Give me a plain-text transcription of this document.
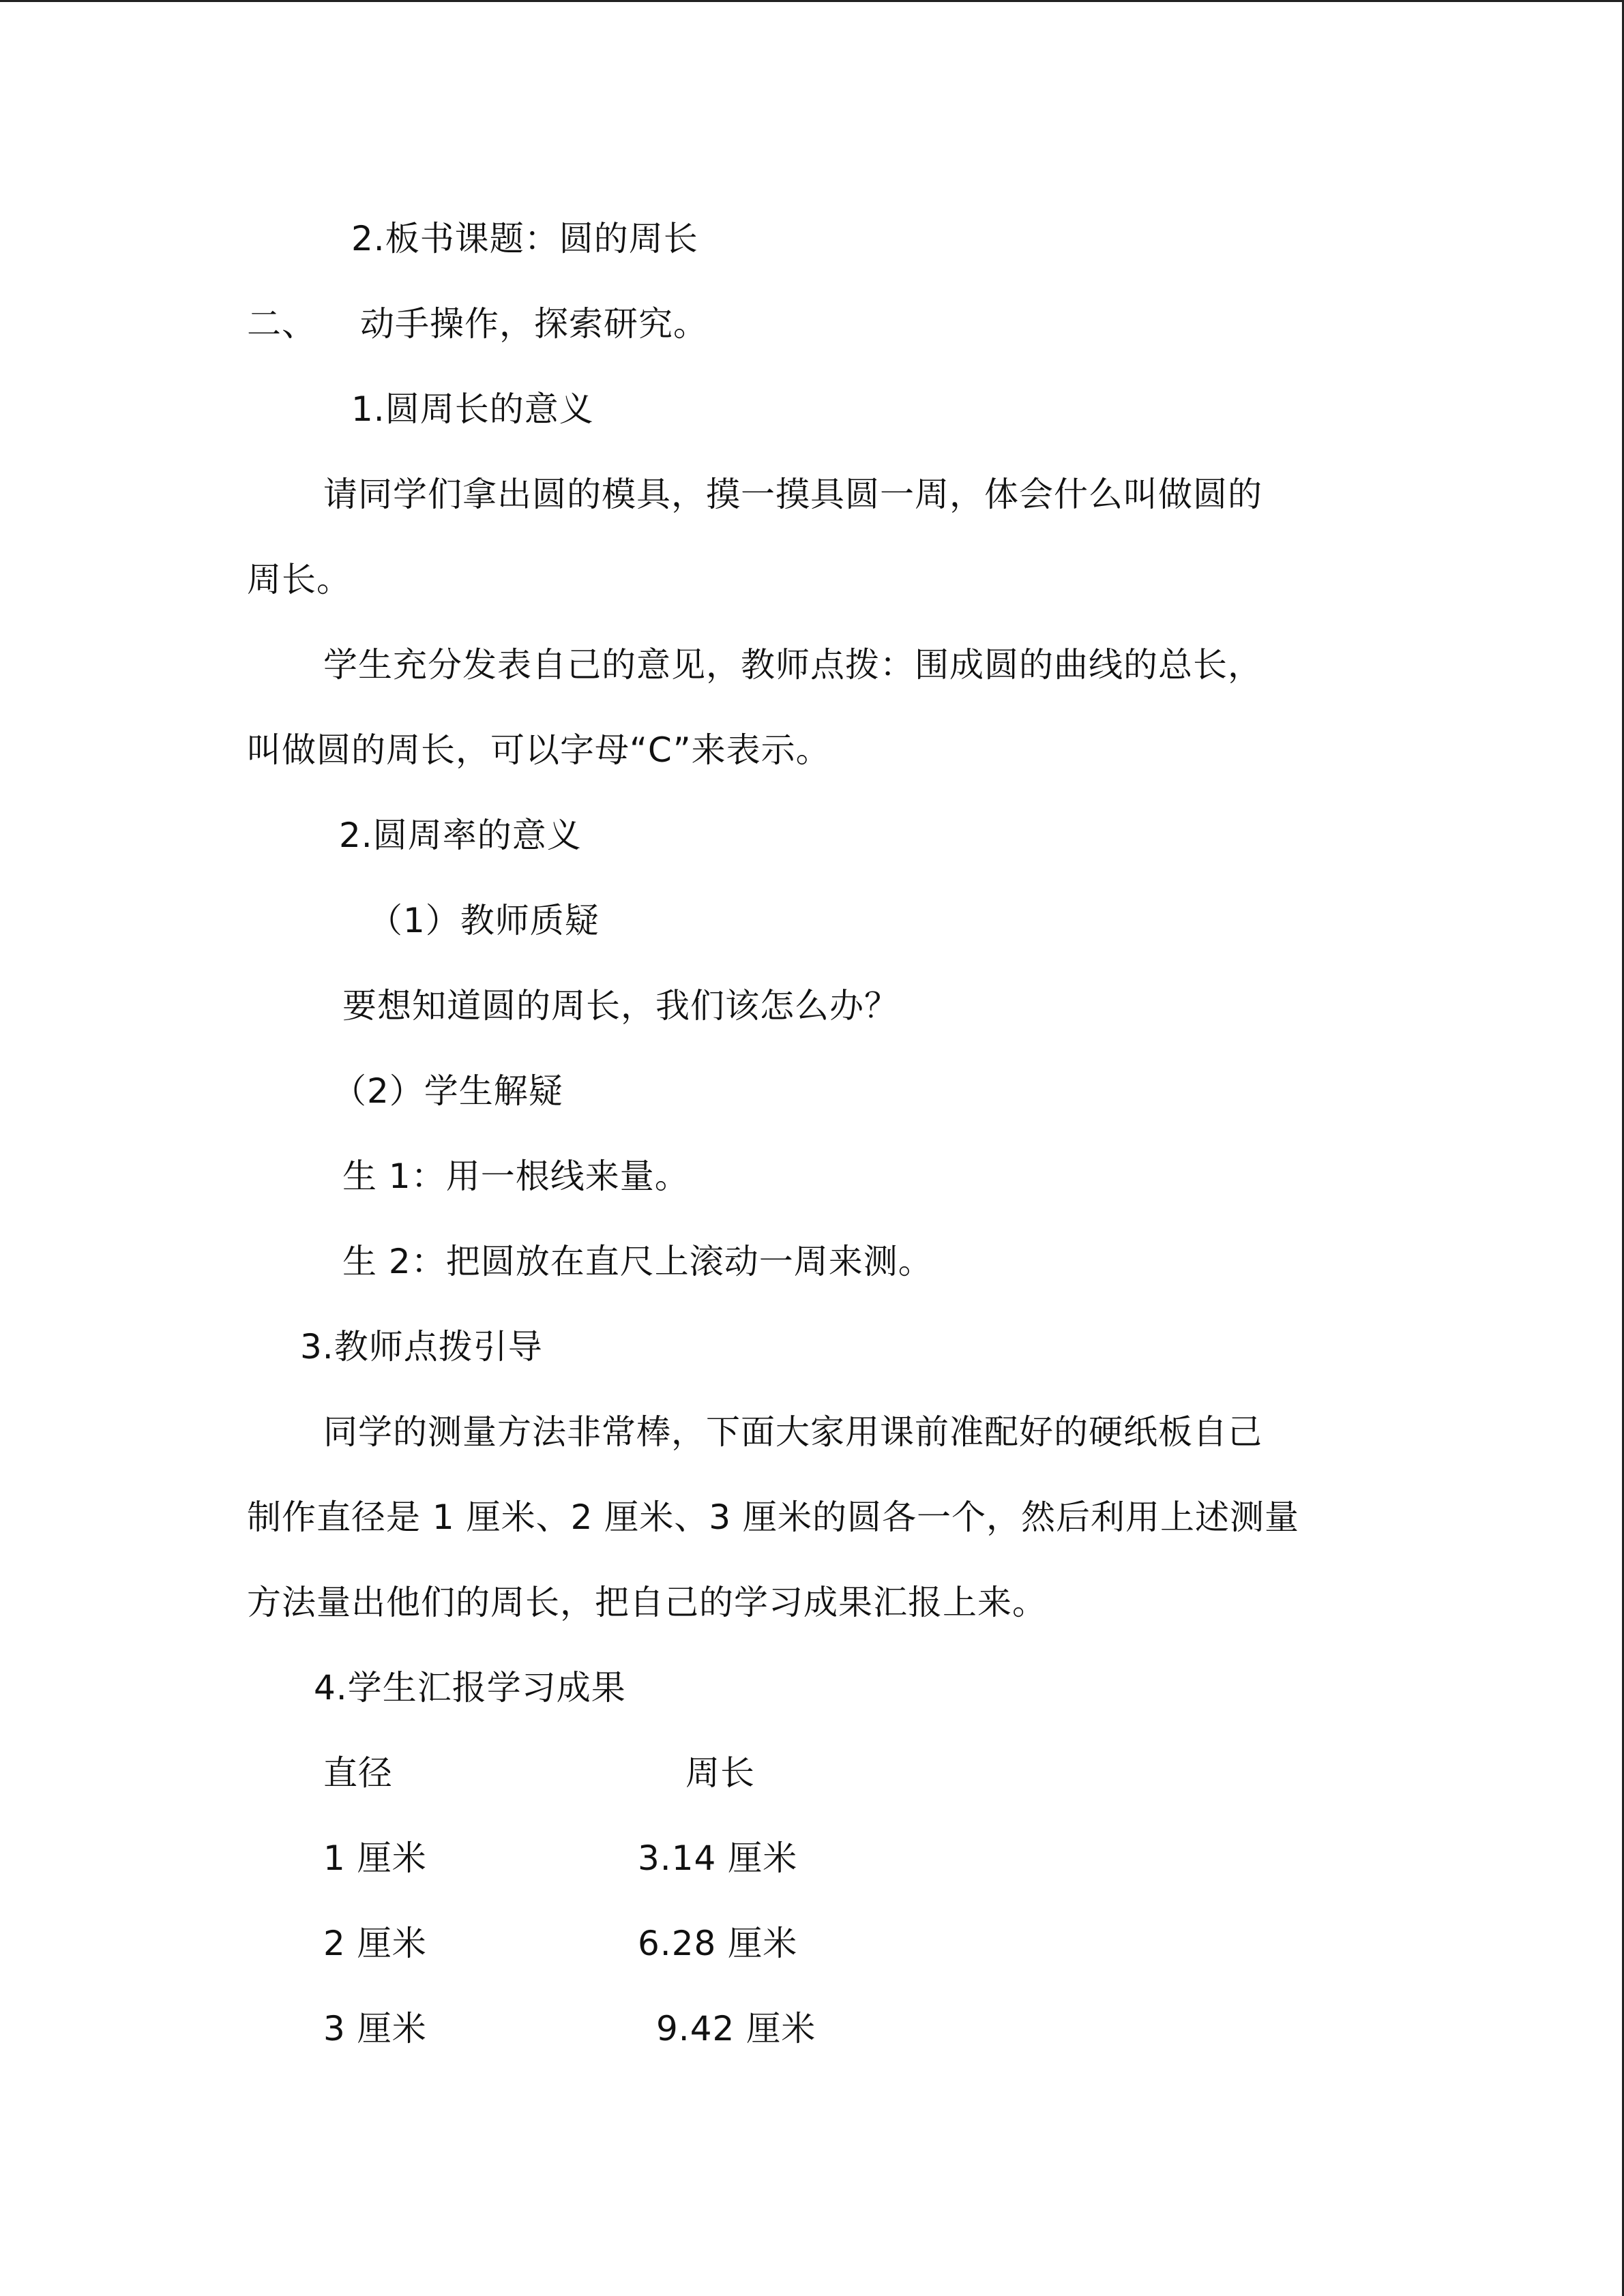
2.板书课题：圆的周长
二、 动手操作，探索研究。
1.圆周长的意义
请同学们拿出圆的模具，摸一摸具圆一周，体会什么叫做圆的
周长。
学生充分发表自己的意见，教师点拨：围成圆的曲线的总长，
叫做圆的周长，可以字母“C”来表示。
2.圆周率的意义
（1）教师质疑
要想知道圆的周长，我们该怎么办？
（2）学生解疑
生 1：用一根线来量。
生 2：把圆放在直尺上滚动一周来测。
3.教师点拨引导
同学的测量方法非常棒，下面大家用课前准配好的硬纸板自己
制作直径是 1 厘米、2 厘米、3 厘米的圆各一个，然后利用上述测量
方法量出他们的周长，把自己的学习成果汇报上来。
4.学生汇报学习成果
直径	周长
1 厘米	3.14 厘米
2 厘米	6.28 厘米
3 厘米	9.42 厘米
